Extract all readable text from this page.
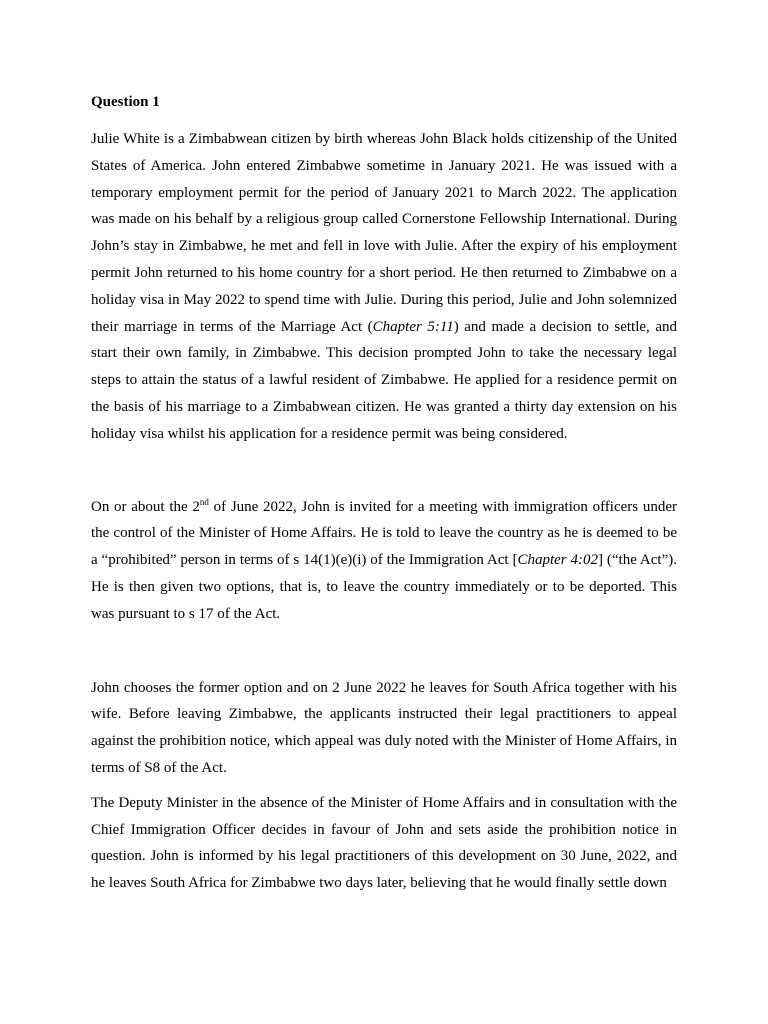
Question 1

Julie White is a Zimbabwean citizen by birth whereas John Black holds citizenship of the United States of America. John entered Zimbabwe sometime in January 2021. He was issued with a temporary employment permit for the period of January 2021 to March 2022. The application was made on his behalf by a religious group called Cornerstone Fellowship International. During John’s stay in Zimbabwe, he met and fell in love with Julie. After the expiry of his employment permit John returned to his home country for a short period. He then returned to Zimbabwe on a holiday visa in May 2022 to spend time with Julie. During this period, Julie and John solemnized their marriage in terms of the Marriage Act (Chapter 5:11) and made a decision to settle, and start their own family, in Zimbabwe. This decision prompted John to take the necessary legal steps to attain the status of a lawful resident of Zimbabwe. He applied for a residence permit on the basis of his marriage to a Zimbabwean citizen. He was granted a thirty day extension on his holiday visa whilst his application for a residence permit was being considered.

On or about the 2nd of June 2022, John is invited for a meeting with immigration officers under the control of the Minister of Home Affairs. He is told to leave the country as he is deemed to be a “prohibited” person in terms of s 14(1)(e)(i) of the Immigration Act [Chapter 4:02] (“the Act”). He is then given two options, that is, to leave the country immediately or to be deported. This was pursuant to s 17 of the Act.

John chooses the former option and on 2 June 2022 he leaves for South Africa together with his wife. Before leaving Zimbabwe, the applicants instructed their legal practitioners to appeal against the prohibition notice, which appeal was duly noted with the Minister of Home Affairs, in terms of S8 of the Act.

The Deputy Minister in the absence of the Minister of Home Affairs and in consultation with the Chief Immigration Officer decides in favour of John and sets aside the prohibition notice in question. John is informed by his legal practitioners of this development on 30 June, 2022, and he leaves South Africa for Zimbabwe two days later, believing that he would finally settle down
